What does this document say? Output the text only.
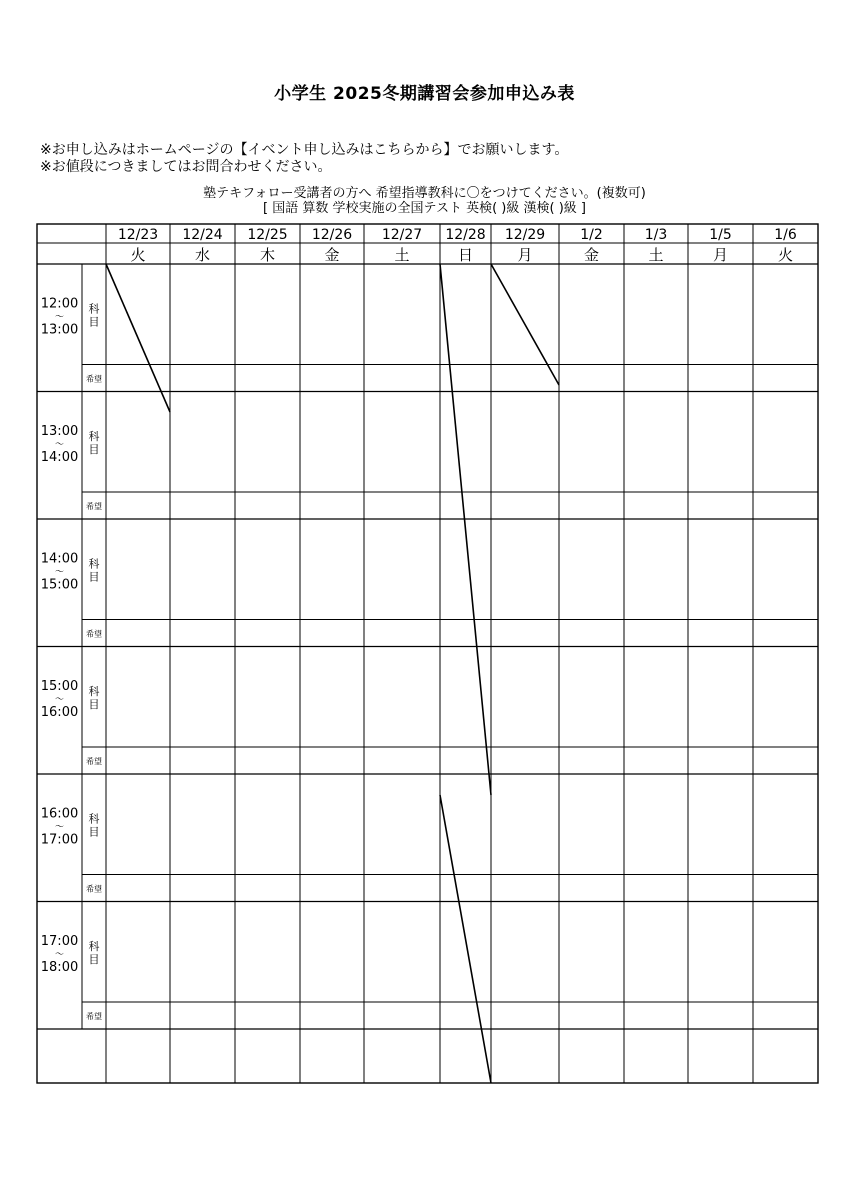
小学生 2025冬期講習会参加申込み表
※お申し込みはホームページの【イベント申し込みはこちらから】でお願いします。
※お値段につきましてはお問合わせください。
塾テキフォロー受講者の方へ 希望指導教科に〇をつけてください。(複数可)
[ 国語 算数 学校実施の全国テスト 英検( )級 漢検( )級 ]
12/23
火
12/24
水
12/25
木
12/26
金
12/27
土
12/28
日
12/29
月
1/2
金
1/3
土
1/5
月
1/6
火
12:00
～
13:00
科
目
希望
13:00
～
14:00
科
目
希望
14:00
～
15:00
科
目
希望
15:00
～
16:00
科
目
希望
16:00
～
17:00
科
目
希望
17:00
～
18:00
科
目
希望
